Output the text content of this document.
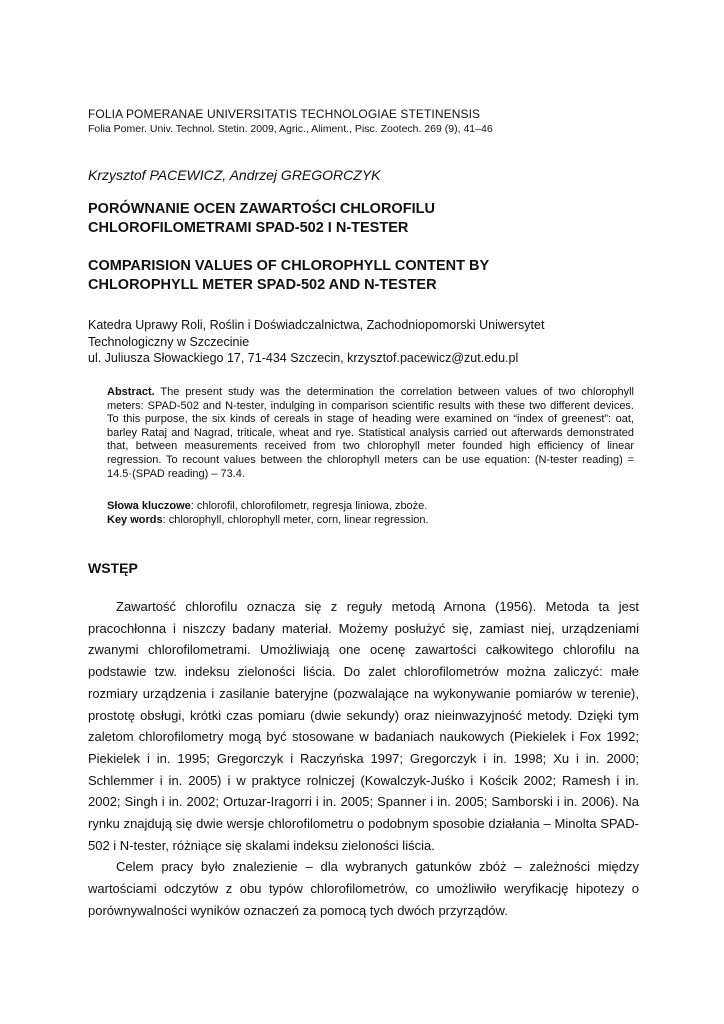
FOLIA POMERANAE UNIVERSITATIS TECHNOLOGIAE STETINENSIS
Folia Pomer. Univ. Technol. Stetin. 2009, Agric., Aliment., Pisc. Zootech. 269 (9), 41–46
Krzysztof PACEWICZ, Andrzej GREGORCZYK
PORÓWNANIE OCEN ZAWARTOŚCI CHLOROFILU
CHLOROFILOMETRAMI SPAD-502 I N-TESTER
COMPARISION VALUES OF CHLOROPHYLL CONTENT BY
CHLOROPHYLL METER SPAD-502 AND N-TESTER
Katedra Uprawy Roli, Roślin i Doświadczalnictwa, Zachodniopomorski Uniwersytet
Technologiczny w Szczecinie
ul. Juliusza Słowackiego 17, 71-434 Szczecin, krzysztof.pacewicz@zut.edu.pl

Abstract. The present study was the determination the correlation between values of two chlorophyll meters: SPAD-502 and N-tester, indulging in comparison scientific results with these two different devices. To this purpose, the six kinds of cereals in stage of heading were examined on “index of greenest”: oat, barley Rataj and Nagrad, triticale, wheat and rye. Statistical analysis carried out afterwards demonstrated that, between measurements received from two chlorophyll meter founded high efficiency of linear regression. To recount values between the chlorophyll meters can be use equation: (N-tester reading) = 14.5·(SPAD reading) – 73.4.

Słowa kluczowe: chlorofil, chlorofilometr, regresja liniowa, zboże.

Key words: chlorophyll, chlorophyll meter, corn, linear regression.

WSTĘP

Zawartość chlorofilu oznacza się z reguły metodą Arnona (1956). Metoda ta jest pracochłonna i niszczy badany materiał. Możemy posłużyć się, zamiast niej, urządzeniami zwanymi chlorofilometrami. Umożliwiają one ocenę zawartości całkowitego chlorofilu na podstawie tzw. indeksu zieloności liścia. Do zalet chlorofilometrów można zaliczyć: małe rozmiary urządzenia i zasilanie bateryjne (pozwalające na wykonywanie pomiarów w terenie), prostotę obsługi, krótki czas pomiaru (dwie sekundy) oraz nieinwazyjność metody. Dzięki tym zaletom chlorofilometry mogą być stosowane w badaniach naukowych (Piekielek i Fox 1992; Piekielek i in. 1995; Gregorczyk i Raczyńska 1997; Gregorczyk i in. 1998; Xu i in. 2000; Schlemmer i in. 2005) i w praktyce rolniczej (Kowalczyk-Juśko i Kościk 2002; Ramesh i in. 2002; Singh i in. 2002; Ortuzar-Iragorri i in. 2005; Spanner i in. 2005; Samborski i in. 2006). Na rynku znajdują się dwie wersje chlorofilometru o podobnym sposobie działania – Minolta SPAD-502 i N-tester, różniące się skalami indeksu zieloności liścia.

Celem pracy było znalezienie – dla wybranych gatunków zbóż – zależności między wartościami odczytów z obu typów chlorofilometrów, co umożliwiło weryfikację hipotezy o porównywalności wyników oznaczeń za pomocą tych dwóch przyrządów.
